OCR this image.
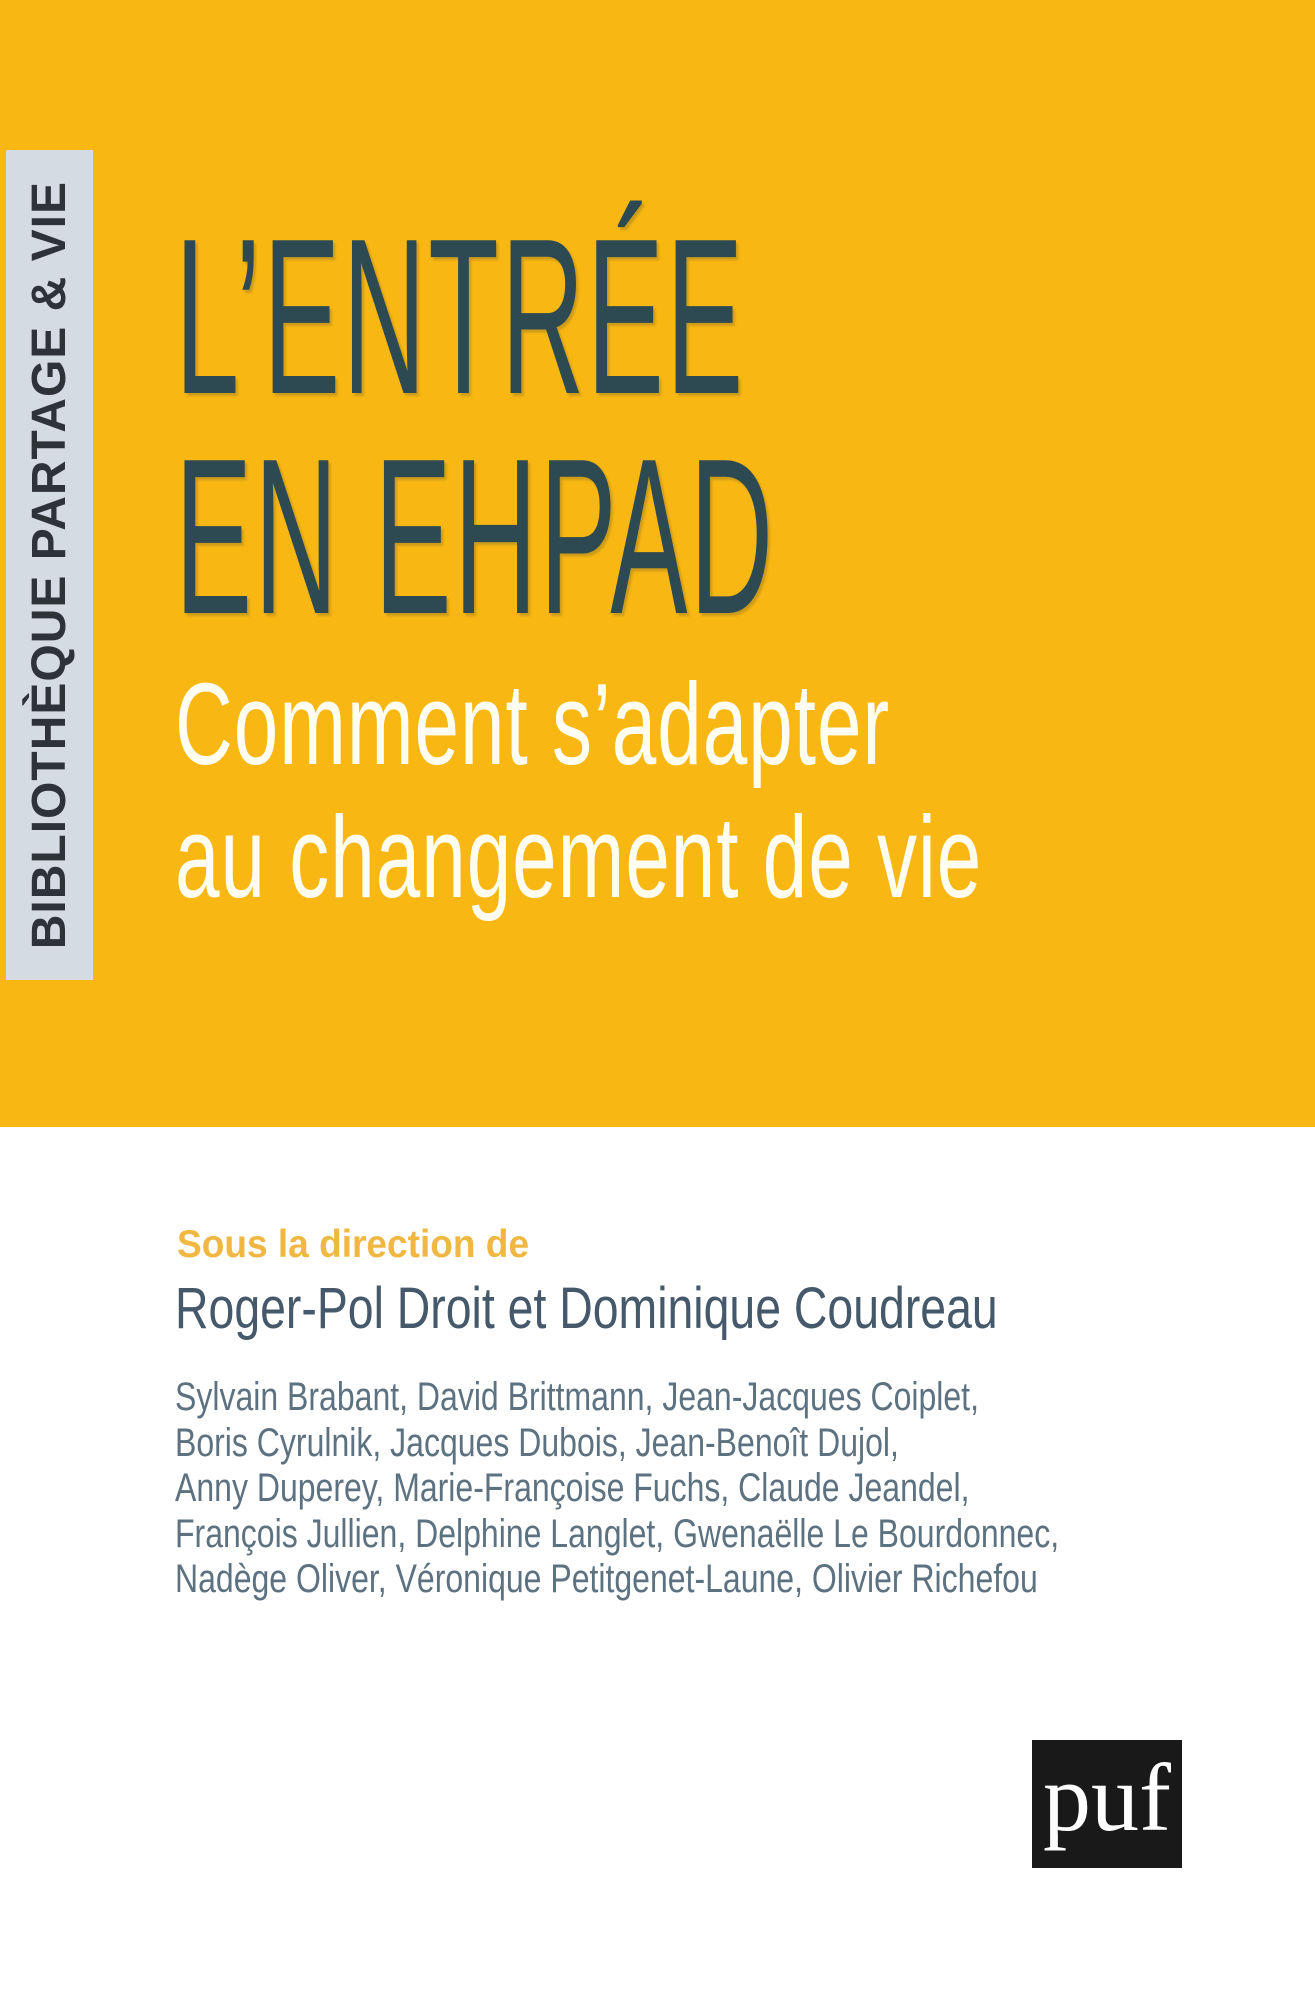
BIBLIOTHÈQUE PARTAGE & VIE L’ENTRÉE
EN EHPAD
Comment s’adapter
au changement de vie
Sous la direction de
Roger-Pol Droit et Dominique Coudreau
Sylvain Brabant, David Brittmann, Jean-Jacques Coiplet,
Boris Cyrulnik, Jacques Dubois, Jean-Benoît Dujol,
Anny Duperey, Marie-Françoise Fuchs, Claude Jeandel,
François Jullien, Delphine Langlet, Gwenaëlle Le Bourdonnec,
Nadège Oliver, Véronique Petitgenet-Laune, Olivier Richefou
puf
